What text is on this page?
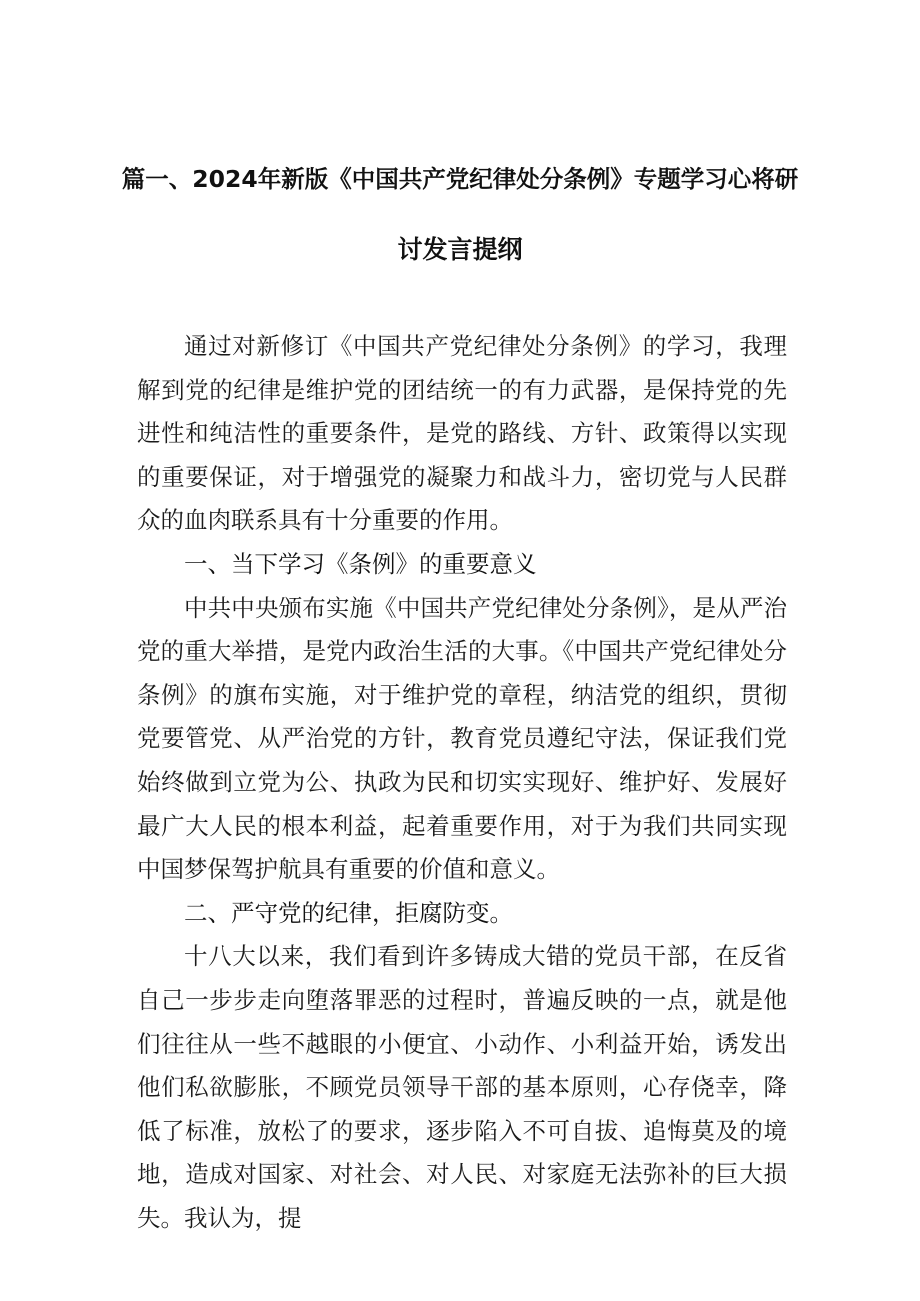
篇一、2024年新版《中国共产党纪律处分条例》专题学习心将研
讨发言提纲

通过对新修订《中国共产党纪律处分条例》的学习，我理解到党的纪律是维护党的团结统一的有力武器，是保持党的先进性和纯洁性的重要条件，是党的路线、方针、政策得以实现的重要保证，对于增强党的凝聚力和战斗力，密切党与人民群众的血肉联系具有十分重要的作用。

一、当下学习《条例》的重要意义

中共中央颁布实施《中国共产党纪律处分条例》，是从严治党的重大举措，是党内政治生活的大事。《中国共产党纪律处分条例》的旗布实施，对于维护党的章程，纳洁党的组织，贯彻党要管党、从严治党的方针，教育党员遵纪守法，保证我们党始终做到立党为公、执政为民和切实实现好、维护好、发展好最广大人民的根本利益，起着重要作用，对于为我们共同实现中国梦保驾护航具有重要的价值和意义。

二、严守党的纪律，拒腐防变。

十八大以来，我们看到许多铸成大错的党员干部，在反省自己一步步走向堕落罪恶的过程时，普遍反映的一点，就是他们往往从一些不越眼的小便宜、小动作、小利益开始，诱发出他们私欲膨胀，不顾党员领导干部的基本原则，心存侥幸，降低了标准，放松了的要求，逐步陷入不可自拔、追悔莫及的境地，造成对国家、对社会、对人民、对家庭无法弥补的巨大损失。我认为，提
